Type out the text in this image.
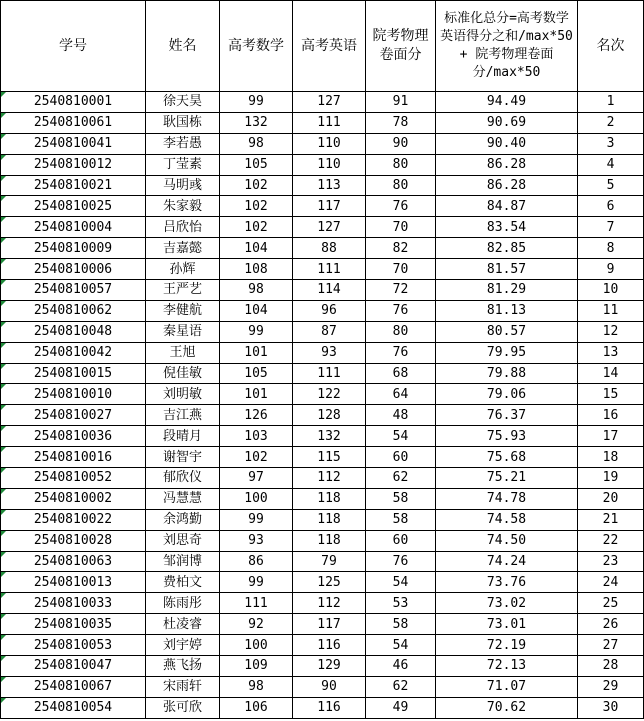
学号	姓名	高考数学	高考英语	院考物理卷面分	标准化总分=高考数学英语得分之和/max*50 + 院考物理卷面分/max*50	名次
2540810001	徐天昊	99	127	91	94.49	1
2540810061	耿国栋	132	111	78	90.69	2
2540810041	李若愚	98	110	90	90.40	3
2540810012	丁莹素	105	110	80	86.28	4
2540810021	马明彧	102	113	80	86.28	5
2540810025	朱家毅	102	117	76	84.87	6
2540810004	吕欣怡	102	127	70	83.54	7
2540810009	吉嘉懿	104	88	82	82.85	8
2540810006	孙辉	108	111	70	81.57	9
2540810057	王严艺	98	114	72	81.29	10
2540810062	李健航	104	96	76	81.13	11
2540810048	秦星语	99	87	80	80.57	12
2540810042	王旭	101	93	76	79.95	13
2540810015	倪佳敏	105	111	68	79.88	14
2540810010	刘明敏	101	122	64	79.06	15
2540810027	吉江燕	126	128	48	76.37	16
2540810036	段晴月	103	132	54	75.93	17
2540810016	谢智宇	102	115	60	75.68	18
2540810052	郁欣仪	97	112	62	75.21	19
2540810002	冯慧慧	100	118	58	74.78	20
2540810022	余鸿勤	99	118	58	74.58	21
2540810028	刘思奇	93	118	60	74.50	22
2540810063	邹润博	86	79	76	74.24	23
2540810013	费柏文	99	125	54	73.76	24
2540810033	陈雨彤	111	112	53	73.02	25
2540810035	杜凌睿	92	117	58	73.01	26
2540810053	刘宇婷	100	116	54	72.19	27
2540810047	燕飞扬	109	129	46	72.13	28
2540810067	宋雨轩	98	90	62	71.07	29
2540810054	张可欣	106	116	49	70.62	30
